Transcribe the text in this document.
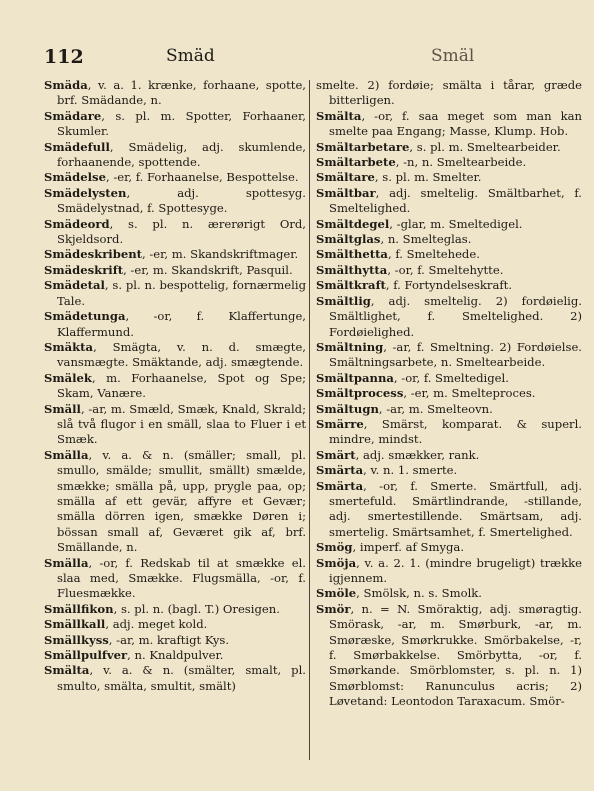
112	Smäd	Smäl

Smäda, v. a. 1. krænke, forhaane, spotte, brf. Smädande, n.

Smädare, s. pl. m. Spotter, Forhaaner, Skumler.

Smädefull, Smädelig, adj. skumlende, forhaanende, spottende.

Smädelse, -er, f. Forhaanelse, Bespottelse.

Smädelysten, adj. spottesyg. Smädelystnad, f. Spottesyge.

Smädeord, s. pl. n. ærerørigt Ord, Skjeldsord.

Smädeskribent, -er, m. Skandskriftmager.

Smädeskrift, -er, m. Skandskrift, Pasquil.

Smädetal, s. pl. n. bespottelig, fornærmelig Tale.

Smädetunga, -or, f. Klaffertunge, Klaffermund.

Smäkta, Smägta, v. n. d. smægte, vansmægte. Smäktande, adj. smægtende.

Smälek, m. Forhaanelse, Spot og Spe; Skam, Vanære.

Smäll, -ar, m. Smæld, Smæk, Knald, Skrald; slå två flugor i en smäll, slaa to Fluer i et Smæk.

Smälla, v. a. & n. (smäller; small, pl. smullo, smälde; smullit, smällt) smælde, smække; smälla på, upp, prygle paa, op; smälla af ett gevär, affyre et Gevær; smälla dörren igen, smække Døren i; bössan small af, Geværet gik af, brf. Smällande, n.

Smälla, -or, f. Redskab til at smække el. slaa med, Smække. Flugsmälla, -or, f. Fluesmække.

Smällfikon, s. pl. n. (bagl. T.) Oresigen.

Smällkall, adj. meget kold.

Smällkyss, -ar, m. kraftigt Kys.

Smällpulfver, n. Knaldpulver.

Smälta, v. a. & n. (smälter, smalt, pl. smulto, smälta, smultit, smält)

smelte. 2) fordøie; smälta i tårar, græde bitterligen.

Smälta, -or, f. saa meget som man kan smelte paa Engang; Masse, Klump. Hob.

Smältarbetare, s. pl. m. Smeltearbeider.

Smältarbete, -n, n. Smeltearbeide.

Smältare, s. pl. m. Smelter.

Smältbar, adj. smeltelig. Smältbarhet, f. Smeltelighed.

Smältdegel, -glar, m. Smeltedigel.

Smältglas, n. Smelteglas.

Smälthetta, f. Smeltehede.

Smälthytta, -or, f. Smeltehytte.

Smältkraft, f. Fortyndelseskraft.

Smältlig, adj. smeltelig. 2) fordøielig. Smältlighet, f. Smeltelighed. 2) Fordøielighed.

Smältning, -ar, f. Smeltning. 2) Fordøielse. Smältningsarbete, n. Smeltearbeide.

Smältpanna, -or, f. Smeltedigel.

Smältprocess, -er, m. Smelteproces.

Smältugn, -ar, m. Smelteovn.

Smärre, Smärst, komparat. & superl. mindre, mindst.

Smärt, adj. smækker, rank.

Smärta, v. n. 1. smerte.

Smärta, -or, f. Smerte. Smärtfull, adj. smertefuld. Smärtlindrande, -stillande, adj. smertestillende. Smärtsam, adj. smertelig. Smärtsamhet, f. Smertelighed.

Smög, imperf. af Smyga.

Smöja, v. a. 2. 1. (mindre brugeligt) trække igjennem.

Smöle, Smölsk, n. s. Smolk.

Smör, n. = N. Smöraktig, adj. smøragtig. Smörask, -ar, m. Smørburk, -ar, m. Smøræske, Smørkrukke. Smörbakelse, -r, f. Smørbakkelse. Smörbytta, -or, f. Smørkande. Smörblomster, s. pl. n. 1) Smørblomst: Ranunculus acris; 2) Løvetand: Leontodon Taraxacum. Smör-
